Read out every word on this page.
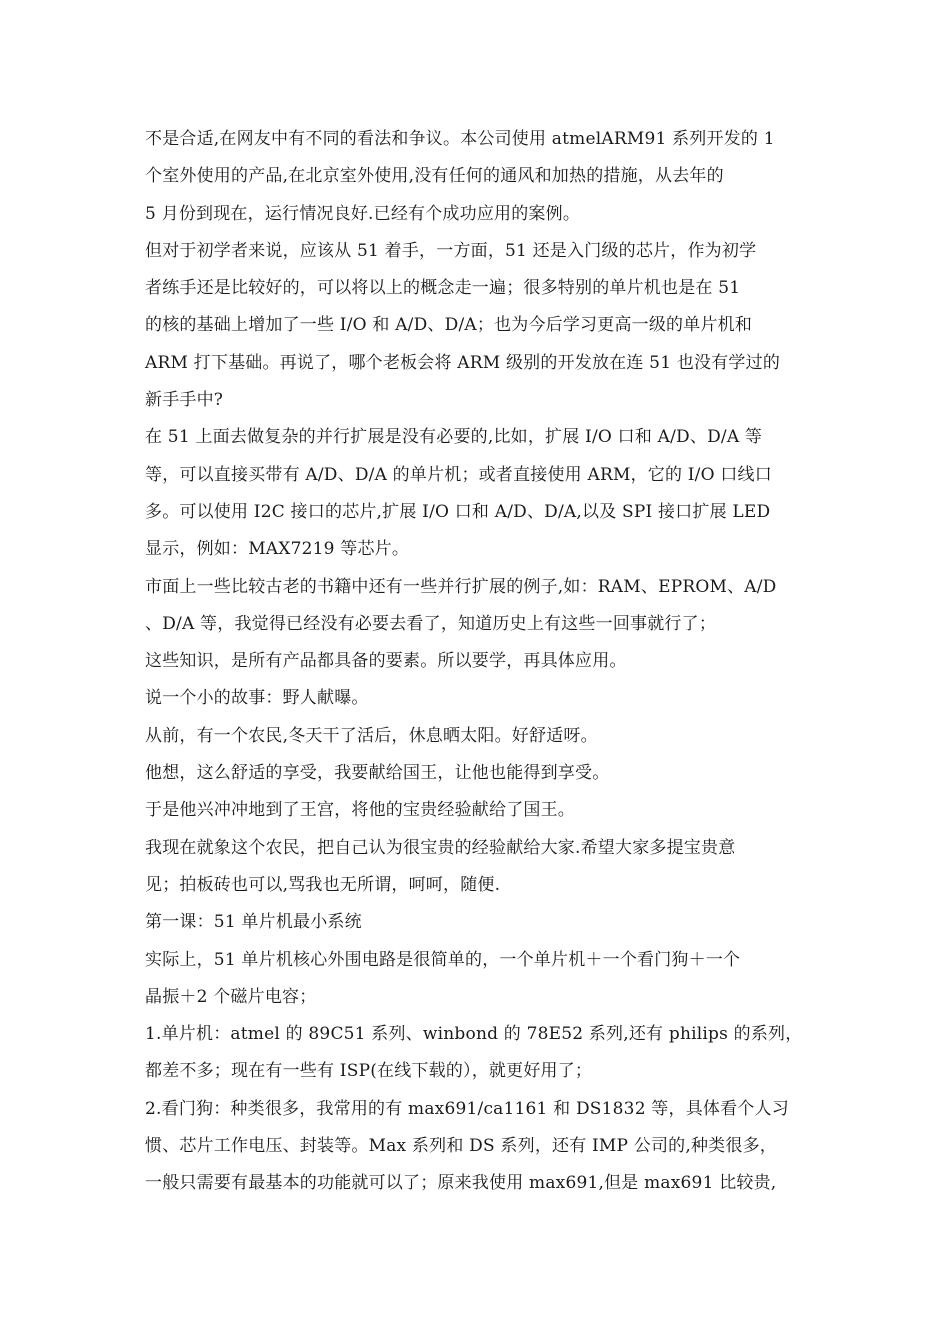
不是合适,在网友中有不同的看法和争议。本公司使用 atmelARM91 系列开发的 1
个室外使用的产品,在北京室外使用,没有任何的通风和加热的措施，从去年的
5 月份到现在，运行情况良好.已经有个成功应用的案例。
但对于初学者来说，应该从 51 着手，一方面，51 还是入门级的芯片，作为初学
者练手还是比较好的，可以将以上的概念走一遍；很多特别的单片机也是在 51
的核的基础上增加了一些 I/O 和 A/D、D/A；也为今后学习更高一级的单片机和
ARM 打下基础。再说了，哪个老板会将 ARM 级别的开发放在连 51 也没有学过的
新手手中?
在 51 上面去做复杂的并行扩展是没有必要的,比如，扩展 I/O 口和 A/D、D/A 等
等，可以直接买带有 A/D、D/A 的单片机；或者直接使用 ARM，它的 I/O 口线口
多。可以使用 I2C 接口的芯片,扩展 I/O 口和 A/D、D/A,以及 SPI 接口扩展 LED
显示，例如：MAX7219 等芯片。
市面上一些比较古老的书籍中还有一些并行扩展的例子,如：RAM、EPROM、A/D
、D/A 等，我觉得已经没有必要去看了，知道历史上有这些一回事就行了；
这些知识，是所有产品都具备的要素。所以要学，再具体应用。
说一个小的故事：野人献曝。
从前，有一个农民,冬天干了活后，休息晒太阳。好舒适呀。
他想，这么舒适的享受，我要献给国王，让他也能得到享受。
于是他兴冲冲地到了王宫，将他的宝贵经验献给了国王。
我现在就象这个农民，把自己认为很宝贵的经验献给大家.希望大家多提宝贵意
见；拍板砖也可以,骂我也无所谓，呵呵，随便.
第一课：51 单片机最小系统
实际上，51 单片机核心外围电路是很简单的，一个单片机＋一个看门狗＋一个
晶振＋2 个磁片电容；
1.单片机：atmel 的 89C51 系列、winbond 的 78E52 系列,还有 philips 的系列，
都差不多；现在有一些有 ISP(在线下载的），就更好用了；
2.看门狗：种类很多，我常用的有 max691/ca1161 和 DS1832 等，具体看个人习
惯、芯片工作电压、封装等。Max 系列和 DS 系列，还有 IMP 公司的,种类很多，
一般只需要有最基本的功能就可以了；原来我使用 max691,但是 max691 比较贵,
